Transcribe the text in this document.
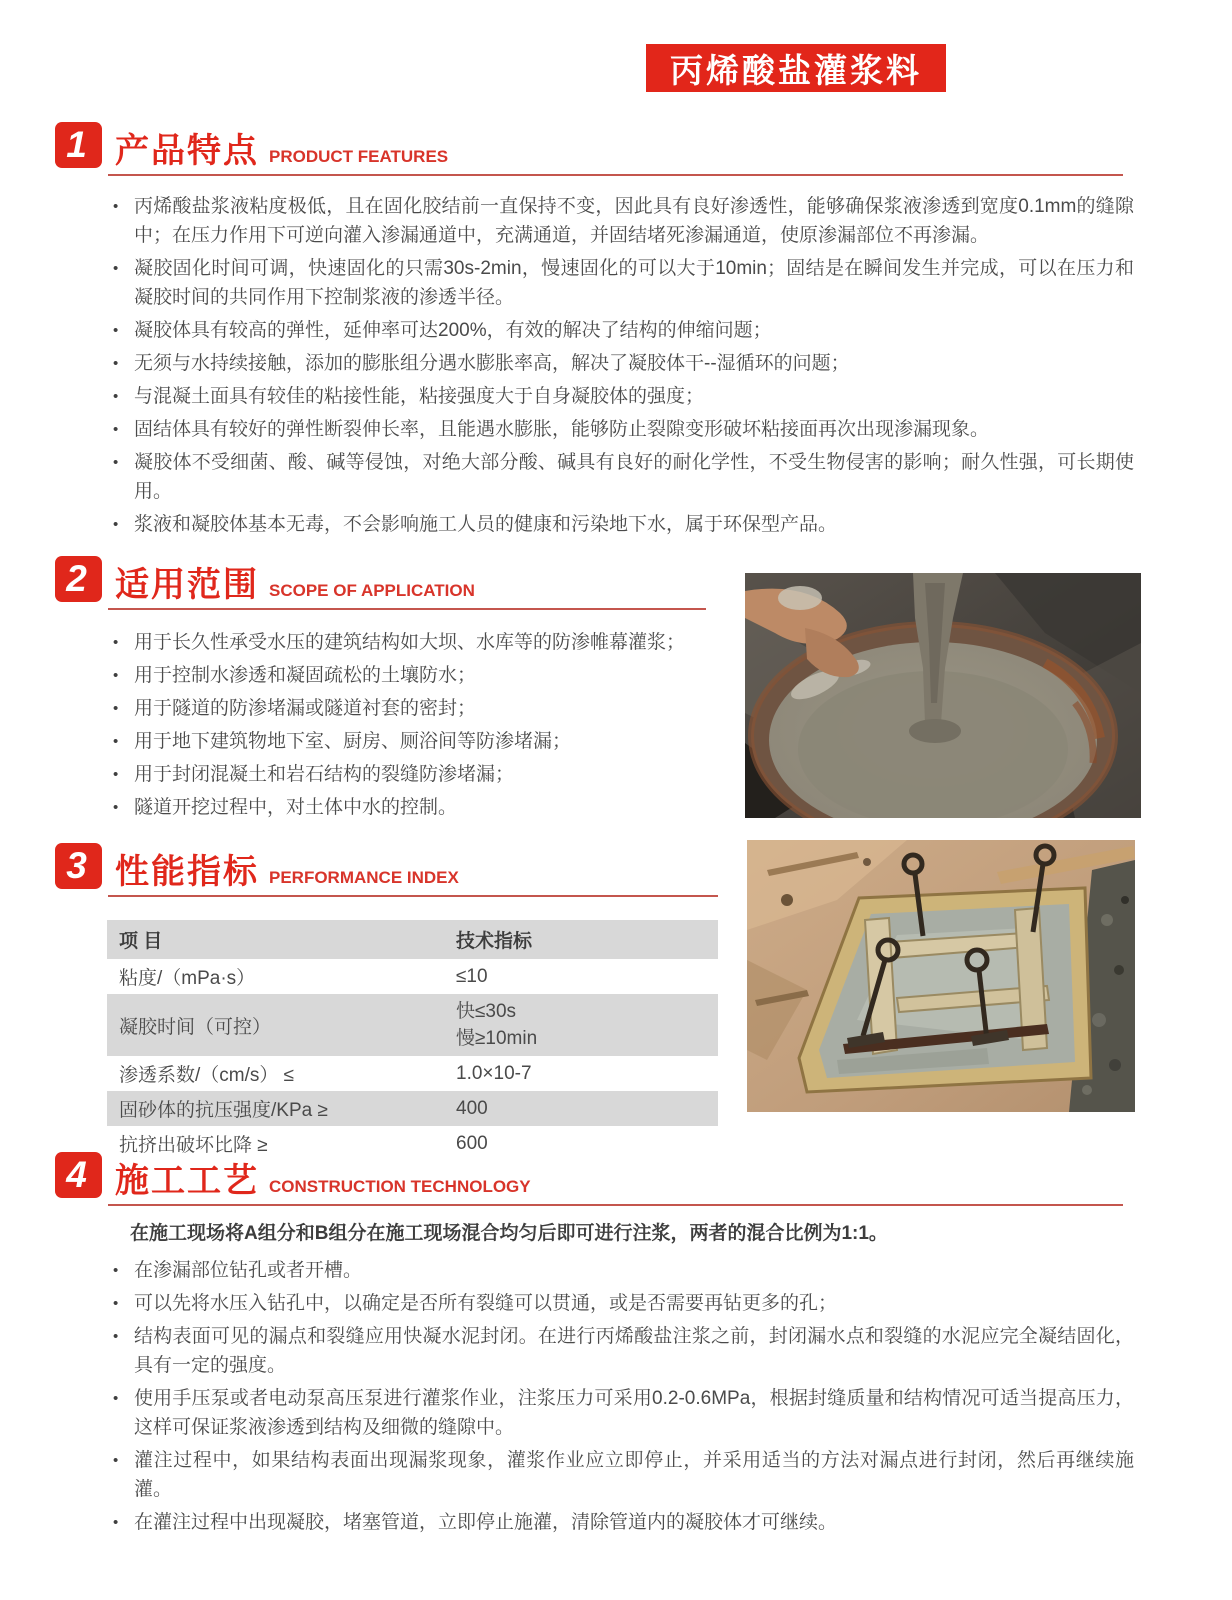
丙烯酸盐灌浆料
1 产品特点 PRODUCT FEATURES
• 丙烯酸盐浆液粘度极低，且在固化胶结前一直保持不变，因此具有良好渗透性，能够确保浆液渗透到宽度0.1mm的缝隙中；在压力作用下可逆向灌入渗漏通道中，充满通道，并固结堵死渗漏通道，使原渗漏部位不再渗漏。
• 凝胶固化时间可调，快速固化的只需30s-2min，慢速固化的可以大于10min；固结是在瞬间发生并完成，可以在压力和凝胶时间的共同作用下控制浆液的渗透半径。
• 凝胶体具有较高的弹性，延伸率可达200%，有效的解决了结构的伸缩问题；
• 无须与水持续接触，添加的膨胀组分遇水膨胀率高，解决了凝胶体干--湿循环的问题；
• 与混凝土面具有较佳的粘接性能，粘接强度大于自身凝胶体的强度；
• 固结体具有较好的弹性断裂伸长率，且能遇水膨胀，能够防止裂隙变形破坏粘接面再次出现渗漏现象。
• 凝胶体不受细菌、酸、碱等侵蚀，对绝大部分酸、碱具有良好的耐化学性，不受生物侵害的影响；耐久性强，可长期使用。
• 浆液和凝胶体基本无毒，不会影响施工人员的健康和污染地下水，属于环保型产品。
2 适用范围 SCOPE OF APPLICATION
• 用于长久性承受水压的建筑结构如大坝、水库等的防渗帷幕灌浆；
• 用于控制水渗透和凝固疏松的土壤防水；
• 用于隧道的防渗堵漏或隧道衬套的密封；
• 用于地下建筑物地下室、厨房、厕浴间等防渗堵漏；
• 用于封闭混凝土和岩石结构的裂缝防渗堵漏；
• 隧道开挖过程中，对土体中水的控制。
3 性能指标 PERFORMANCE INDEX
项 目	技术指标
粘度/（mPa·s）	≤10
凝胶时间（可控）	快≤30s
慢≥10min

渗透系数/（cm/s） ≤	1.0×10-7
固砂体的抗压强度/KPa ≥	400
抗挤出破坏比降 ≥	600
4 施工工艺 CONSTRUCTION TECHNOLOGY
在施工现场将A组分和B组分在施工现场混合均匀后即可进行注浆，两者的混合比例为1:1。
• 在渗漏部位钻孔或者开槽。
• 可以先将水压入钻孔中，以确定是否所有裂缝可以贯通，或是否需要再钻更多的孔；
• 结构表面可见的漏点和裂缝应用快凝水泥封闭。在进行丙烯酸盐注浆之前，封闭漏水点和裂缝的水泥应完全凝结固化，具有一定的强度。
• 使用手压泵或者电动泵高压泵进行灌浆作业，注浆压力可采用0.2-0.6MPa，根据封缝质量和结构情况可适当提高压力，这样可保证浆液渗透到结构及细微的缝隙中。
• 灌注过程中，如果结构表面出现漏浆现象，灌浆作业应立即停止，并采用适当的方法对漏点进行封闭，然后再继续施灌。
• 在灌注过程中出现凝胶，堵塞管道，立即停止施灌，清除管道内的凝胶体才可继续。
